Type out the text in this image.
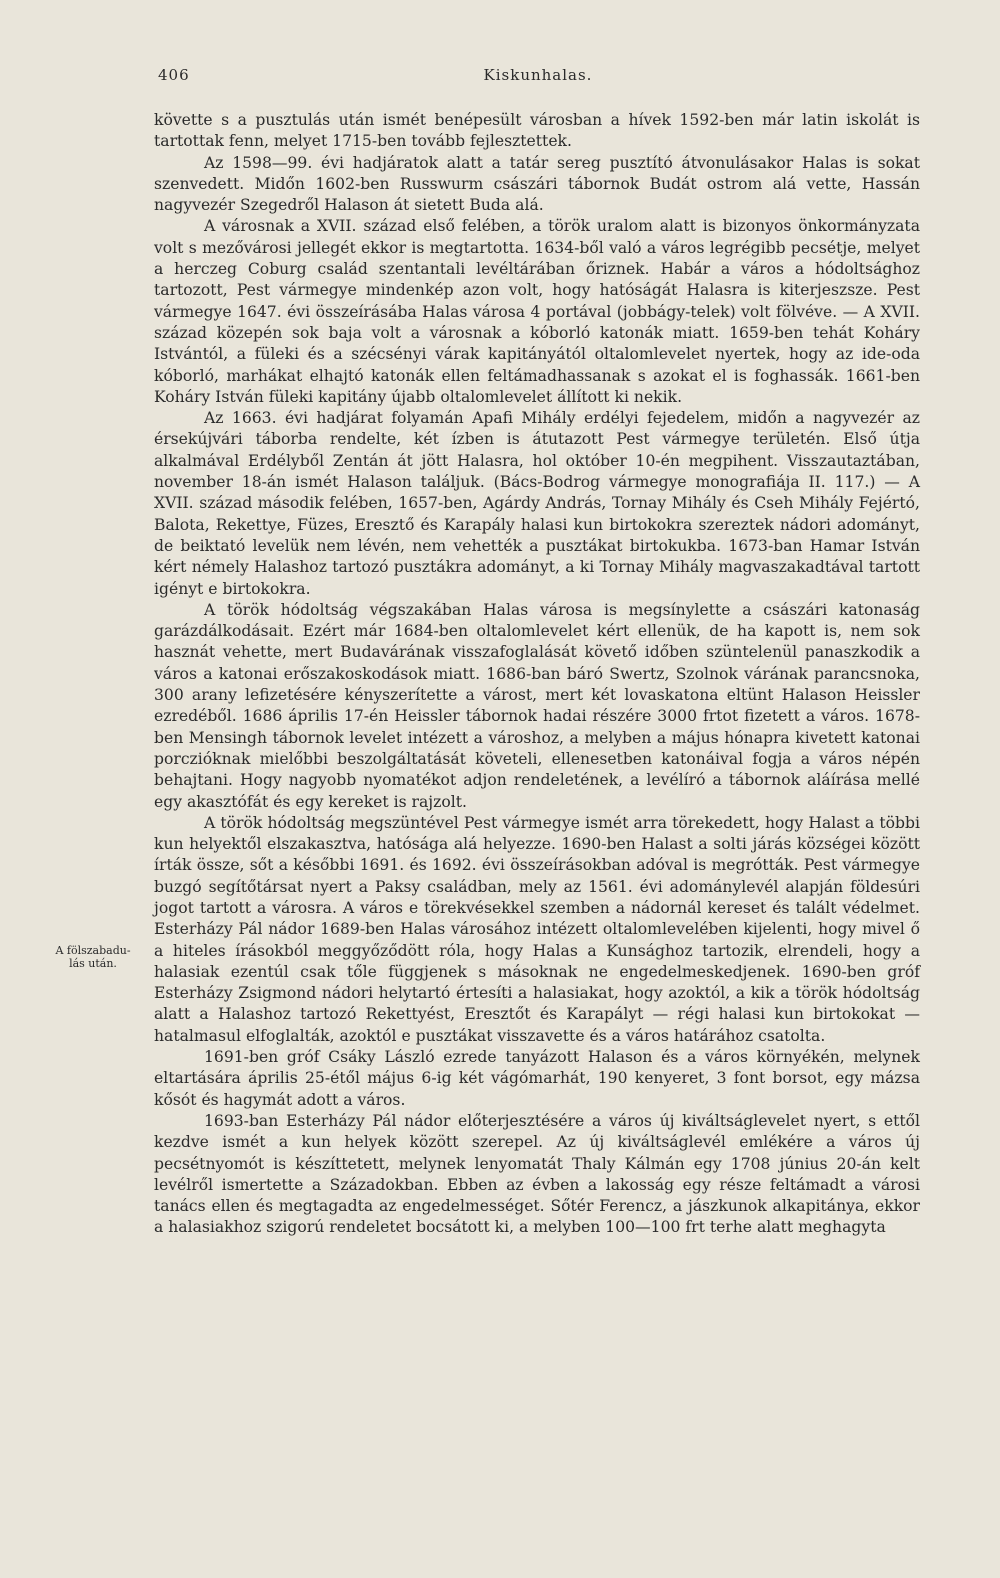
406	Kiskunhalas.
A fölszabadu-
lás után.

követte s a pusztulás után ismét benépesült városban a hívek 1592-ben már latin iskolát is tartottak fenn, melyet 1715-ben tovább fejlesztettek.

Az 1598—99. évi hadjáratok alatt a tatár sereg pusztító átvonulásakor Halas is sokat szenvedett. Midőn 1602-ben Russwurm császári tábornok Budát ostrom alá vette, Hassán nagyvezér Szegedről Halason át sietett Buda alá.

A városnak a XVII. század első felében, a török uralom alatt is bizonyos önkormányzata volt s mezővárosi jellegét ekkor is megtartotta. 1634-ből való a város legrégibb pecsétje, melyet a herczeg Coburg család szentantali levéltárában őriznek. Habár a város a hódoltsághoz tartozott, Pest vármegye mindenkép azon volt, hogy hatóságát Halasra is kiterjeszsze. Pest vármegye 1647. évi összeírásába Halas városa 4 portával (jobbágy-telek) volt fölvéve. — A XVII. század közepén sok baja volt a városnak a kóborló katonák miatt. 1659-ben tehát Koháry Istvántól, a füleki és a szécsényi várak kapitányától oltalomlevelet nyertek, hogy az ide-oda kóborló, marhákat elhajtó katonák ellen feltámadhassanak s azokat el is foghassák. 1661-ben Koháry István füleki kapitány újabb oltalomlevelet állított ki nekik.

Az 1663. évi hadjárat folyamán Apafi Mihály erdélyi fejedelem, midőn a nagyvezér az érsekújvári táborba rendelte, két ízben is átutazott Pest vármegye területén. Első útja alkalmával Erdélyből Zentán át jött Halasra, hol október 10-én megpihent. Visszautaztában, november 18-án ismét Halason találjuk. (Bács-Bodrog vármegye monografiája II. 117.) — A XVII. század második felében, 1657-ben, Agárdy András, Tornay Mihály és Cseh Mihály Fejértó, Balota, Rekettye, Füzes, Eresztő és Karapály halasi kun birtokokra szereztek nádori adományt, de beiktató levelük nem lévén, nem vehették a pusztákat birtokukba. 1673-ban Hamar István kért némely Halashoz tartozó pusztákra adományt, a ki Tornay Mihály magvaszakadtával tartott igényt e birtokokra.

A török hódoltság végszakában Halas városa is megsínylette a császári katonaság garázdálkodásait. Ezért már 1684-ben oltalomlevelet kért ellenük, de ha kapott is, nem sok hasznát vehette, mert Budavárának visszafoglalását követő időben szüntelenül panaszkodik a város a katonai erőszakoskodások miatt. 1686-ban báró Swertz, Szolnok várának parancsnoka, 300 arany lefizetésére kényszerítette a várost, mert két lovaskatona eltünt Halason Heissler ezredéből. 1686 április 17-én Heissler tábornok hadai részére 3000 frtot fizetett a város. 1678-ben Mensingh tábornok levelet intézett a városhoz, a melyben a május hónapra kivetett katonai porczióknak mielőbbi beszolgáltatását követeli, ellenesetben katonáival fogja a város népén behajtani. Hogy nagyobb nyomatékot adjon rendeletének, a levélíró a tábornok aláírása mellé egy akasztófát és egy kereket is rajzolt.

A török hódoltság megszüntével Pest vármegye ismét arra törekedett, hogy Halast a többi kun helyektől elszakasztva, hatósága alá helyezze. 1690-ben Halast a solti járás községei között írták össze, sőt a későbbi 1691. és 1692. évi összeírásokban adóval is megrótták. Pest vármegye buzgó segítőtársat nyert a Paksy családban, mely az 1561. évi adománylevél alapján földesúri jogot tartott a városra. A város e törekvésekkel szemben a nádornál kereset és talált védelmet. Esterházy Pál nádor 1689-ben Halas városához intézett oltalomlevelében kijelenti, hogy mivel ő a hiteles írásokból meggyőződött róla, hogy Halas a Kunsághoz tartozik, elrendeli, hogy a halasiak ezentúl csak tőle függjenek s másoknak ne engedelmeskedjenek. 1690-ben gróf Esterházy Zsigmond nádori helytartó értesíti a halasiakat, hogy azoktól, a kik a török hódoltság alatt a Halashoz tartozó Rekettyést, Eresztőt és Karapályt — régi halasi kun birtokokat — hatalmasul elfoglalták, azoktól e pusztákat visszavette és a város határához csatolta.

1691-ben gróf Csáky László ezrede tanyázott Halason és a város környékén, melynek eltartására április 25-étől május 6-ig két vágómarhát, 190 kenyeret, 3 font borsot, egy mázsa kősót és hagymát adott a város.

1693-ban Esterházy Pál nádor előterjesztésére a város új kiváltságlevelet nyert, s ettől kezdve ismét a kun helyek között szerepel. Az új kiváltságlevél emlékére a város új pecsétnyomót is készíttetett, melynek lenyomatát Thaly Kálmán egy 1708 június 20-án kelt levélről ismertette a Századokban. Ebben az évben a lakosság egy része feltámadt a városi tanács ellen és megtagadta az engedelmességet. Sőtér Ferencz, a jászkunok alkapitánya, ekkor a halasiakhoz szigorú rendeletet bocsátott ki, a melyben 100—100 frt terhe alatt meghagyta
